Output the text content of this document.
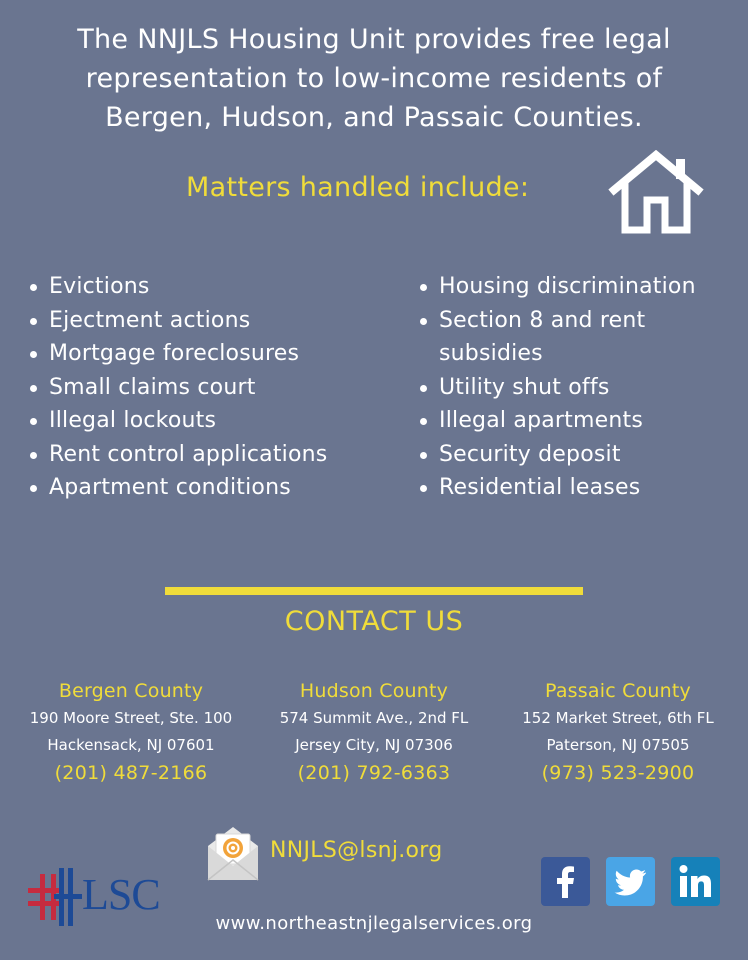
The NNJLS Housing Unit provides free legal
representation to low-income residents of
Bergen, Hudson, and Passaic Counties.
Matters handled include:
Evictions
Ejectment actions
Mortgage foreclosures
Small claims court
Illegal lockouts
Rent control applications
Apartment conditions
Housing discrimination
Section 8 and rent subsidies
Utility shut offs
Illegal apartments
Security deposit
Residential leases
CONTACT US
Bergen County
190 Moore Street, Ste. 100
Hackensack, NJ 07601
(201) 487-2166
Hudson County
574 Summit Ave., 2nd FL
Jersey City, NJ 07306
(201) 792-6363
Passaic County
152 Market Street, 6th FL
Paterson, NJ 07505
(973) 523-2900
NNJLS@lsnj.org
LSC
www.northeastnjlegalservices.org
